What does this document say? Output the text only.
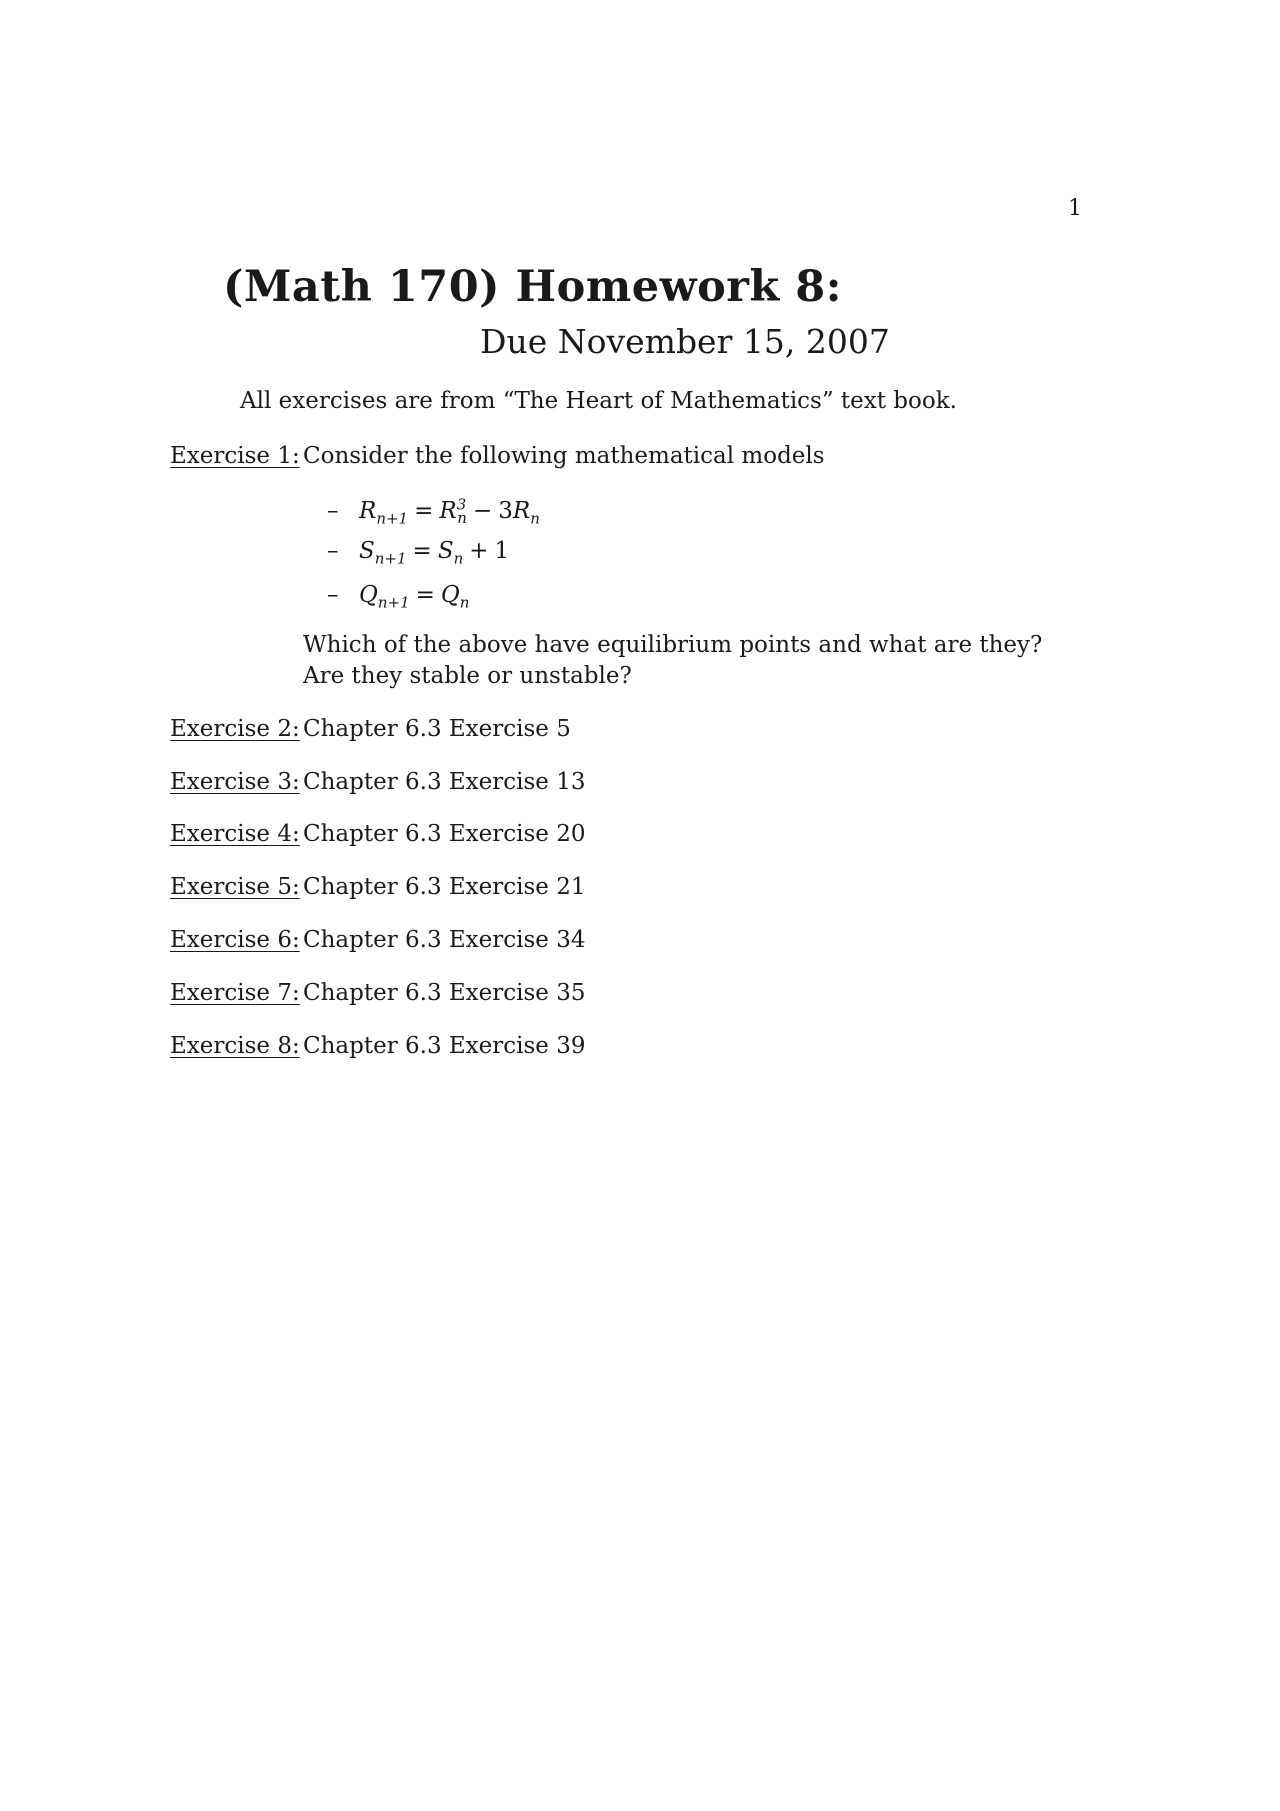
1
(Math 170) Homework 8:
Due November 15, 2007
All exercises are from “The Heart of Mathematics” text book.
Exercise 1: Consider the following mathematical models
– $R_{n+1} = R^3_n - 3R_n$
– $S_{n+1} = S_n + 1$
– $Q_{n+1} = Q_n$
Which of the above have equilibrium points and what are they? Are they stable or unstable?
Exercise 2: Chapter 6.3 Exercise 5
Exercise 3: Chapter 6.3 Exercise 13
Exercise 4: Chapter 6.3 Exercise 20
Exercise 5: Chapter 6.3 Exercise 21
Exercise 6: Chapter 6.3 Exercise 34
Exercise 7: Chapter 6.3 Exercise 35
Exercise 8: Chapter 6.3 Exercise 39
